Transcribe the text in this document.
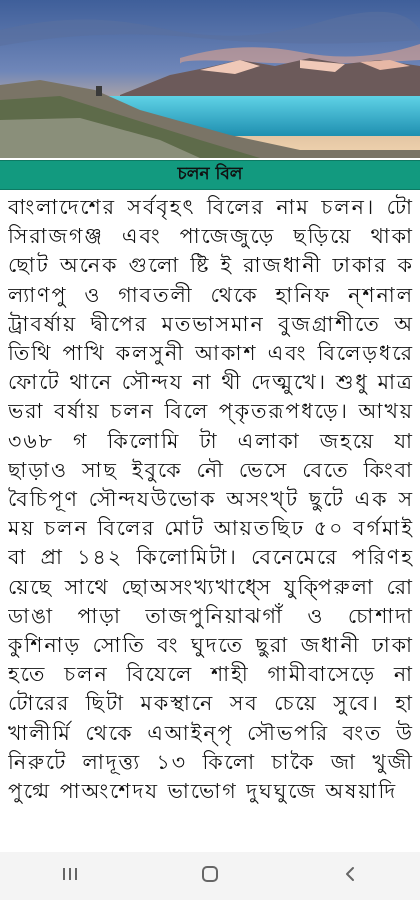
চলন বিল
বাংলাদেশের সর্ববৃহৎ বিলের নাম চলন। টো সিরাজগঞ্জ এবং পাজেজুড়ে ছড়িয়ে থাকা ছোট অনেক গুলো ষ্টি ই রাজধানী ঢাকার কল্যাণপু ও গাবতলী থেকে হানিফ ন্শনাল ট্রাবর্ষায় দ্বীপের মতভাসমান বুজগ্রাশীতে অতিথি পাখি কলসুনী আকাশ এবং বিলেড়ধরে ফোটে থানে সৌন্দয না থী দেত্মুখে। শুধু মাত্র ভরা বর্ষায় চলন বিলে প্কৃতরূপধড়ে। আখয় ৩৬৮ গ কিলোমি টা এলাকা জহয়ে যা ছাড়াও সাছ ইবুকে নৌ ভেসে বেতে কিংবা বৈচিপূণ সৌন্দযউভোক অসংখ্ট ছুটে এক সময় চলন বিলের মোট আয়তছিঢ ৫০ বর্গমাইবা প্রা ১৪২ কিলোমিটা। বেনেমেরে পরিণহয়েছে সাথে ছোঅসংখ্যখাধ্সে যুক্পিরুলা রো ডাঙা পাড়া তাজপুনিয়াঝগাঁ ও চোশাদা কুশিনাড় সোতি বং ঘুদতে ছুরা জধানী ঢাকা হতে চলন বিযেলে শাহী গামীবাসেড়ে না টোরের ছিটা মকস্থানে সব চেয়ে সুবে। হা খালীর্মি থেকে এআইন্পৃ সৌভপরি বংত উনিরুটে লাদূত্ত্য ১৩ কিলো চাকৈ জা খুজী পুগ্মে পাঅংশেদয ভাভোগ দুঘঘুজে অষয়াদি
